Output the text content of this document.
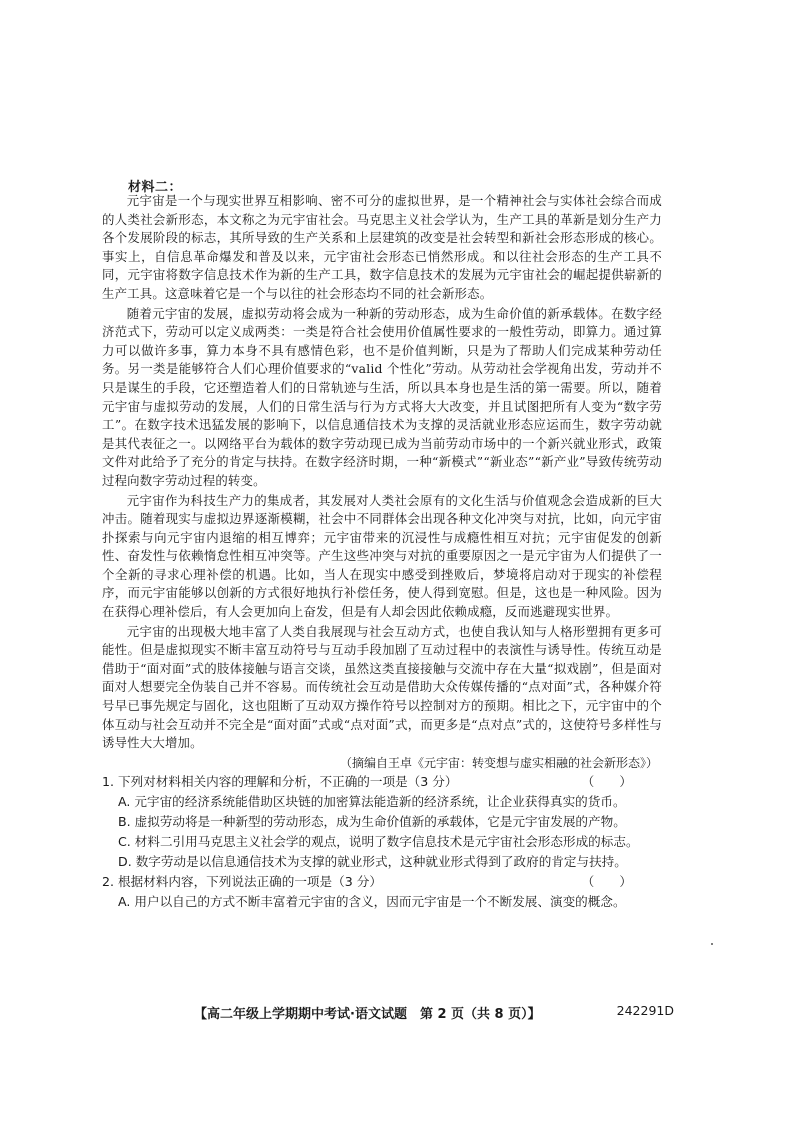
材料二：

元宇宙是一个与现实世界互相影响、密不可分的虚拟世界，是一个精神社会与实体社会综合而成的人类社会新形态，本文称之为元宇宙社会。马克思主义社会学认为，生产工具的革新是划分生产力各个发展阶段的标志，其所导致的生产关系和上层建筑的改变是社会转型和新社会形态形成的核心。事实上，自信息革命爆发和普及以来，元宇宙社会形态已悄然形成。和以往社会形态的生产工具不同，元宇宙将数字信息技术作为新的生产工具，数字信息技术的发展为元宇宙社会的崛起提供崭新的生产工具。这意味着它是一个与以往的社会形态均不同的社会新形态。

随着元宇宙的发展，虚拟劳动将会成为一种新的劳动形态，成为生命价值的新承载体。在数字经济范式下，劳动可以定义成两类：一类是符合社会使用价值属性要求的一般性劳动，即算力。通过算力可以做许多事，算力本身不具有感情色彩，也不是价值判断，只是为了帮助人们完成某种劳动任务。另一类是能够符合人们心理价值要求的“valid 个性化”劳动。从劳动社会学视角出发，劳动并不只是谋生的手段，它还塑造着人们的日常轨迹与生活，所以具本身也是生活的第一需要。所以，随着元宇宙与虚拟劳动的发展，人们的日常生活与行为方式将大大改变，并且试图把所有人变为“数字劳工”。在数字技术迅猛发展的影响下，以信息通信技术为支撑的灵活就业形态应运而生，数字劳动就是其代表征之一。以网络平台为载体的数字劳动现已成为当前劳动市场中的一个新兴就业形式，政策文件对此给予了充分的肯定与扶持。在数字经济时期，一种“新模式”“新业态”“新产业”导致传统劳动过程向数字劳动过程的转变。

元宇宙作为科技生产力的集成者，其发展对人类社会原有的文化生活与价值观念会造成新的巨大冲击。随着现实与虚拟边界逐渐模糊，社会中不同群体会出现各种文化冲突与对抗，比如，向元宇宙扑探索与向元宇宙内退缩的相互博弈；元宇宙带来的沉浸性与成瘾性相互对抗；元宇宙促发的创新性、奋发性与依赖惰怠性相互冲突等。产生这些冲突与对抗的重要原因之一是元宇宙为人们提供了一个全新的寻求心理补偿的机遇。比如，当人在现实中感受到挫败后，梦境将启动对于现实的补偿程序，而元宇宙能够以创新的方式很好地执行补偿任务，使人得到宽慰。但是，这也是一种风险。因为在获得心理补偿后，有人会更加向上奋发，但是有人却会因此依赖成瘾，反而逃避现实世界。

元宇宙的出现极大地丰富了人类自我展现与社会互动方式，也使自我认知与人格形塑拥有更多可能性。但是虚拟现实不断丰富互动符号与互动手段加剧了互动过程中的表演性与诱导性。传统互动是借助于“面对面”式的肢体接触与语言交谈，虽然这类直接接触与交流中存在大量“拟戏剧”，但是面对面对人想要完全伪装自己并不容易。而传统社会互动是借助大众传媒传播的“点对面”式，各种媒介符号早已事先规定与固化，这也阻断了互动双方操作符号以控制对方的预期。相比之下，元宇宙中的个体互动与社会互动并不完全是“面对面”式或“点对面”式，而更多是“点对点”式的，这使符号多样性与诱导性大大增加。

（摘编自王卓《元宇宙：转变想与虚实相融的社会新形态》）

1. 下列对材料相关内容的理解和分析，不正确的一项是（3 分）	（　　）

A. 元宇宙的经济系统能借助区块链的加密算法能造新的经济系统，让企业获得真实的货币。

B. 虚拟劳动将是一种新型的劳动形态，成为生命价值新的承载体，它是元宇宙发展的产物。

C. 材料二引用马克思主义社会学的观点，说明了数字信息技术是元宇宙社会形态形成的标志。

D. 数字劳动是以信息通信技术为支撑的就业形式，这种就业形式得到了政府的肯定与扶持。

2. 根据材料内容，下列说法正确的一项是（3 分）	（　　）

A. 用户以自己的方式不断丰富着元宇宙的含义，因而元宇宙是一个不断发展、演变的概念。

【高二年级上学期期中考试·语文试题　第 2 页（共 8 页）】	242291D
